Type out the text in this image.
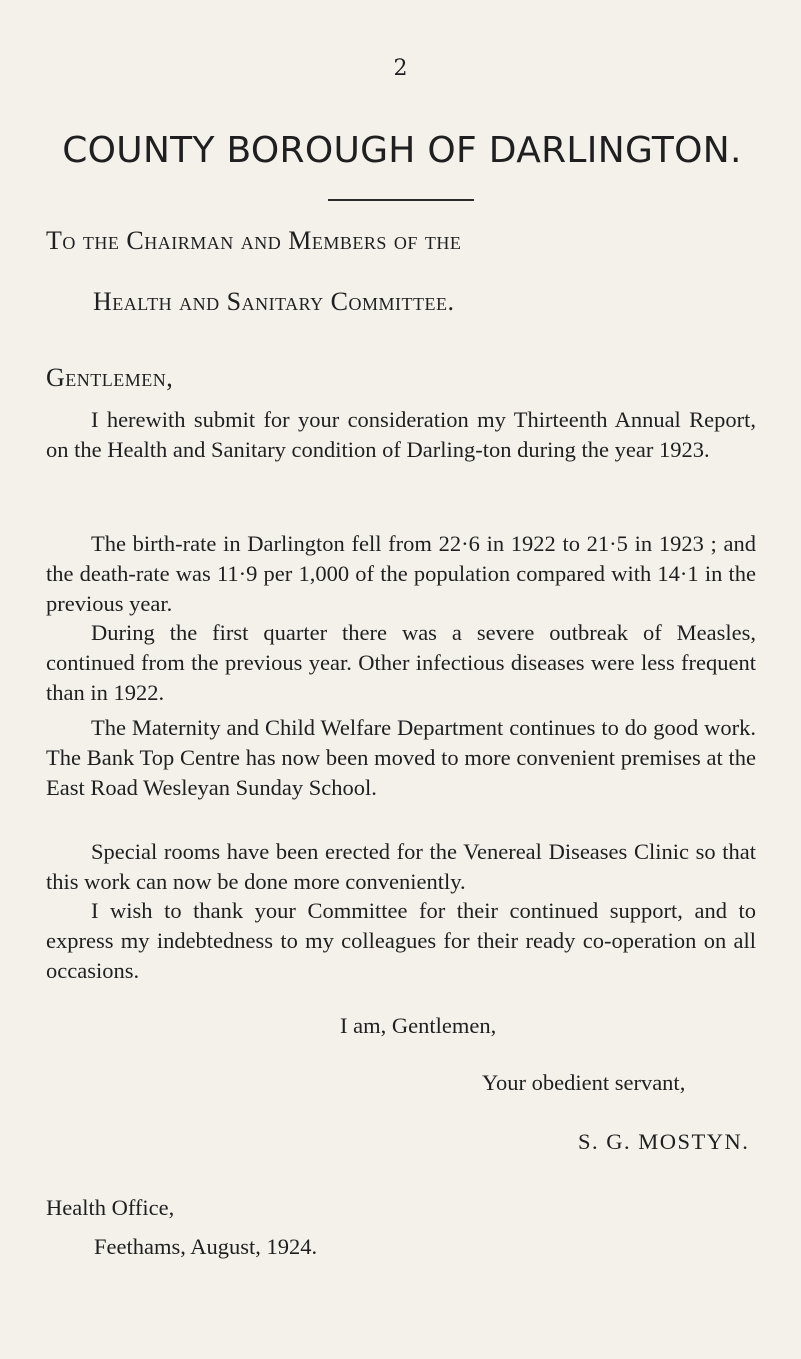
2
COUNTY BOROUGH OF DARLINGTON.
To the Chairman and Members of the
Health and Sanitary Committee.
Gentlemen,

I herewith submit for your consideration my Thirteenth Annual Report, on the Health and Sanitary condition of Darling-ton during the year 1923.

The birth-rate in Darlington fell from 22·6 in 1922 to 21·5 in 1923 ; and the death-rate was 11·9 per 1,000 of the population compared with 14·1 in the previous year.

During the first quarter there was a severe outbreak of Measles, continued from the previous year. Other infectious diseases were less frequent than in 1922.

The Maternity and Child Welfare Department continues to do good work. The Bank Top Centre has now been moved to more convenient premises at the East Road Wesleyan Sunday School.

Special rooms have been erected for the Venereal Diseases Clinic so that this work can now be done more conveniently.

I wish to thank your Committee for their continued support, and to express my indebtedness to my colleagues for their ready co-operation on all occasions.

I am, Gentlemen,
Your obedient servant,
S. G. MOSTYN.
Health Office,
Feethams, August, 1924.
